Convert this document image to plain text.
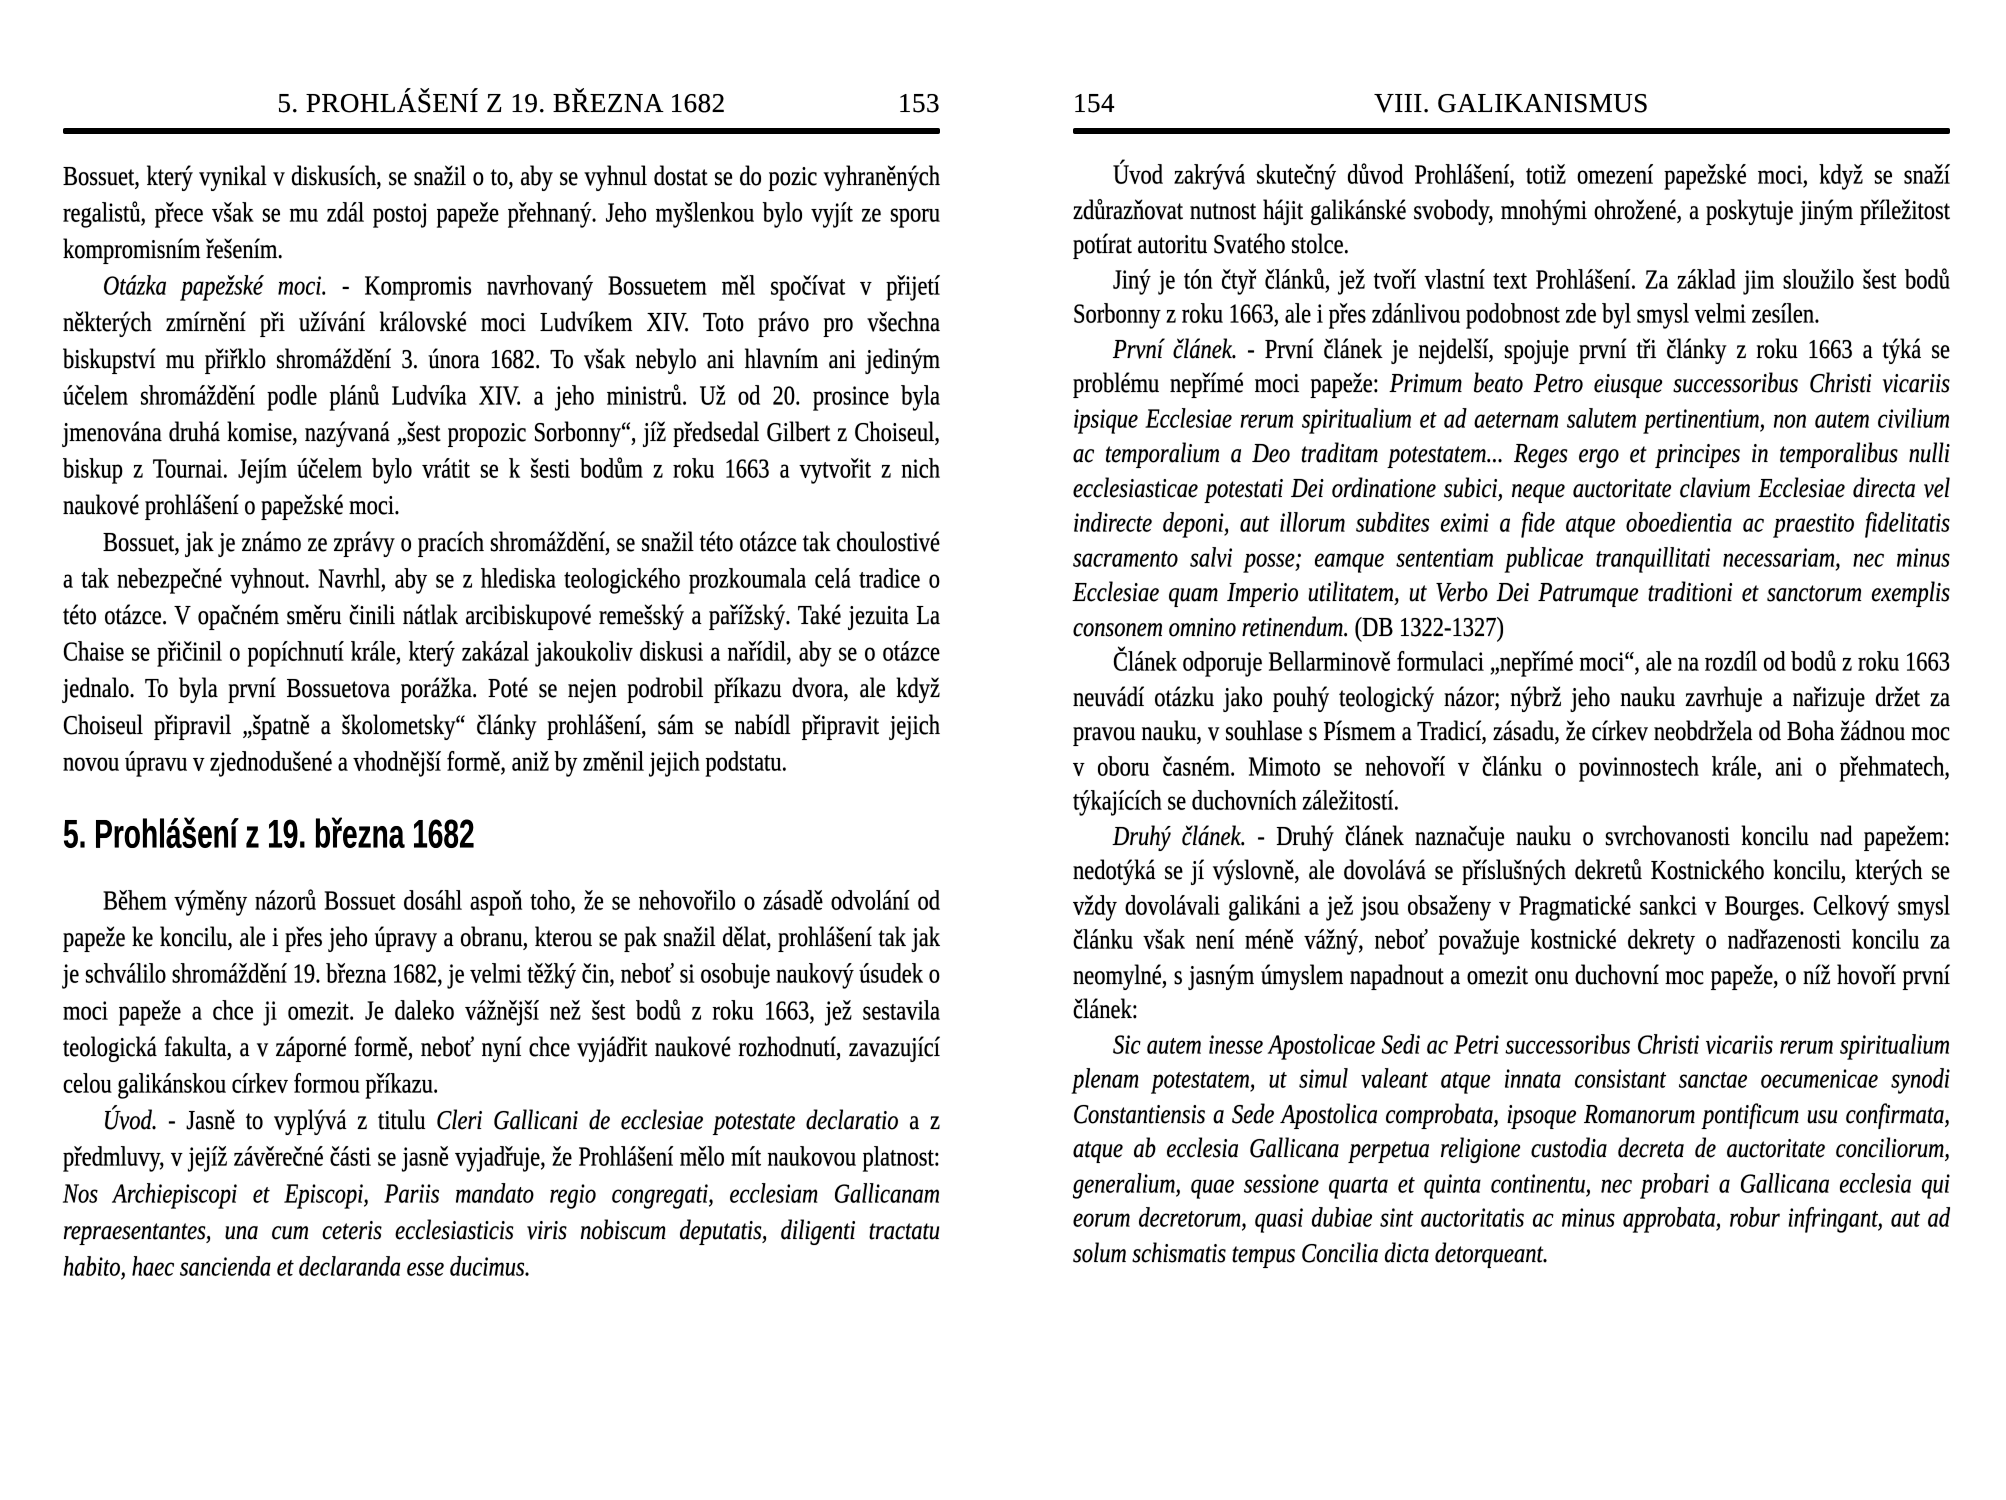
5. PROHLÁŠENÍ Z 19. BŘEZNA 1682	153

Bossuet, který vynikal v diskusích, se snažil o to, aby se vyhnul dostat se do pozic vyhraněných regalistů, přece však se mu zdál postoj papeže přehnaný. Jeho myšlenkou bylo vyjít ze sporu kompromisním řešením.

Otázka papežské moci. - Kompromis navrhovaný Bossuetem měl spočívat v přijetí některých zmírnění při užívání královské moci Ludvíkem XIV. Toto právo pro všechna biskupství mu přiřklo shromáždění 3. února 1682. To však nebylo ani hlavním ani jediným účelem shromáždění podle plánů Ludvíka XIV. a jeho ministrů. Už od 20. prosince byla jmenována druhá komise, nazývaná „šest propozic Sorbonny“, jíž předsedal Gilbert z Choiseul, biskup z Tournai. Jejím účelem bylo vrátit se k šesti bodům z roku 1663 a vytvořit z nich naukové prohlášení o papežské moci.

Bossuet, jak je známo ze zprávy o pracích shromáždění, se snažil této otázce tak choulostivé a tak nebezpečné vyhnout. Navrhl, aby se z hlediska teologického prozkoumala celá tradice o této otázce. V opačném směru činili nátlak arcibiskupové remešský a pařížský. Také jezuita La Chaise se přičinil o popíchnutí krále, který zakázal jakoukoliv diskusi a nařídil, aby se o otázce jednalo. To byla první Bossuetova porážka. Poté se nejen podrobil příkazu dvora, ale když Choiseul připravil „špatně a školometsky“ články prohlášení, sám se nabídl připravit jejich novou úpravu v zjednodušené a vhodnější formě, aniž by změnil jejich podstatu.

5. Prohlášení z 19. března 1682

Během výměny názorů Bossuet dosáhl aspoň toho, že se nehovořilo o zásadě odvolání od papeže ke koncilu, ale i přes jeho úpravy a obranu, kterou se pak snažil dělat, prohlášení tak jak je schválilo shromáždění 19. března 1682, je velmi těžký čin, neboť si osobuje naukový úsudek o moci papeže a chce ji omezit. Je daleko vážnější než šest bodů z roku 1663, jež sestavila teologická fakulta, a v záporné formě, neboť nyní chce vyjádřit naukové rozhodnutí, zavazující celou galikánskou církev formou příkazu.

Úvod. - Jasně to vyplývá z titulu Cleri Gallicani de ecclesiae potestate declaratio a z předmluvy, v jejíž závěrečné části se jasně vyjadřuje, že Prohlášení mělo mít naukovou platnost: Nos Archiepiscopi et Episcopi, Pariis mandato regio congregati, ecclesiam Gallicanam repraesentantes, una cum ceteris ecclesiasticis viris nobiscum deputatis, diligenti tractatu habito, haec sancienda et declaranda esse ducimus.

154	VIII. GALIKANISMUS

Úvod zakrývá skutečný důvod Prohlášení, totiž omezení papežské moci, když se snaží zdůrazňovat nutnost hájit galikánské svobody, mnohými ohrožené, a poskytuje jiným příležitost potírat autoritu Svatého stolce.

Jiný je tón čtyř článků, jež tvoří vlastní text Prohlášení. Za základ jim sloužilo šest bodů Sorbonny z roku 1663, ale i přes zdánlivou podobnost zde byl smysl velmi zesílen.

První článek. - První článek je nejdelší, spojuje první tři články z roku 1663 a týká se problému nepřímé moci papeže: Primum beato Petro eiusque successoribus Christi vicariis ipsique Ecclesiae rerum spiritualium et ad aeternam salutem pertinentium, non autem civilium ac temporalium a Deo traditam potestatem... Reges ergo et principes in temporalibus nulli ecclesiasticae potestati Dei ordinatione subici, neque auctoritate clavium Ecclesiae directa vel indirecte deponi, aut illorum subdites eximi a fide atque oboedientia ac praestito fidelitatis sacramento salvi posse; eamque sententiam publicae tranquillitati necessariam, nec minus Ecclesiae quam Imperio utilitatem, ut Verbo Dei Patrumque traditioni et sanctorum exemplis consonem omnino retinendum. (DB 1322-1327)

Článek odporuje Bellarminově formulaci „nepřímé moci“, ale na rozdíl od bodů z roku 1663 neuvádí otázku jako pouhý teologický názor; nýbrž jeho nauku zavrhuje a nařizuje držet za pravou nauku, v souhlase s Písmem a Tradicí, zásadu, že církev neobdržela od Boha žádnou moc v oboru časném. Mimoto se nehovoří v článku o povinnostech krále, ani o přehmatech, týkajících se duchovních záležitostí.

Druhý článek. - Druhý článek naznačuje nauku o svrchovanosti koncilu nad papežem: nedotýká se jí výslovně, ale dovolává se příslušných dekretů Kostnického koncilu, kterých se vždy dovolávali galikáni a jež jsou obsaženy v Pragmatické sankci v Bourges. Celkový smysl článku však není méně vážný, neboť považuje kostnické dekrety o nadřazenosti koncilu za neomylné, s jasným úmyslem napadnout a omezit onu duchovní moc papeže, o níž hovoří první článek:

Sic autem inesse Apostolicae Sedi ac Petri successoribus Christi vicariis rerum spiritualium plenam potestatem, ut simul valeant atque innata consistant sanctae oecumenicae synodi Constantiensis a Sede Apostolica comprobata, ipsoque Romanorum pontificum usu confirmata, atque ab ecclesia Gallicana perpetua religione custodia decreta de auctoritate conciliorum, generalium, quae sessione quarta et quinta continentu, nec probari a Gallicana ecclesia qui eorum decretorum, quasi dubiae sint auctoritatis ac minus approbata, robur infringant, aut ad solum schismatis tempus Concilia dicta detorqueant.
